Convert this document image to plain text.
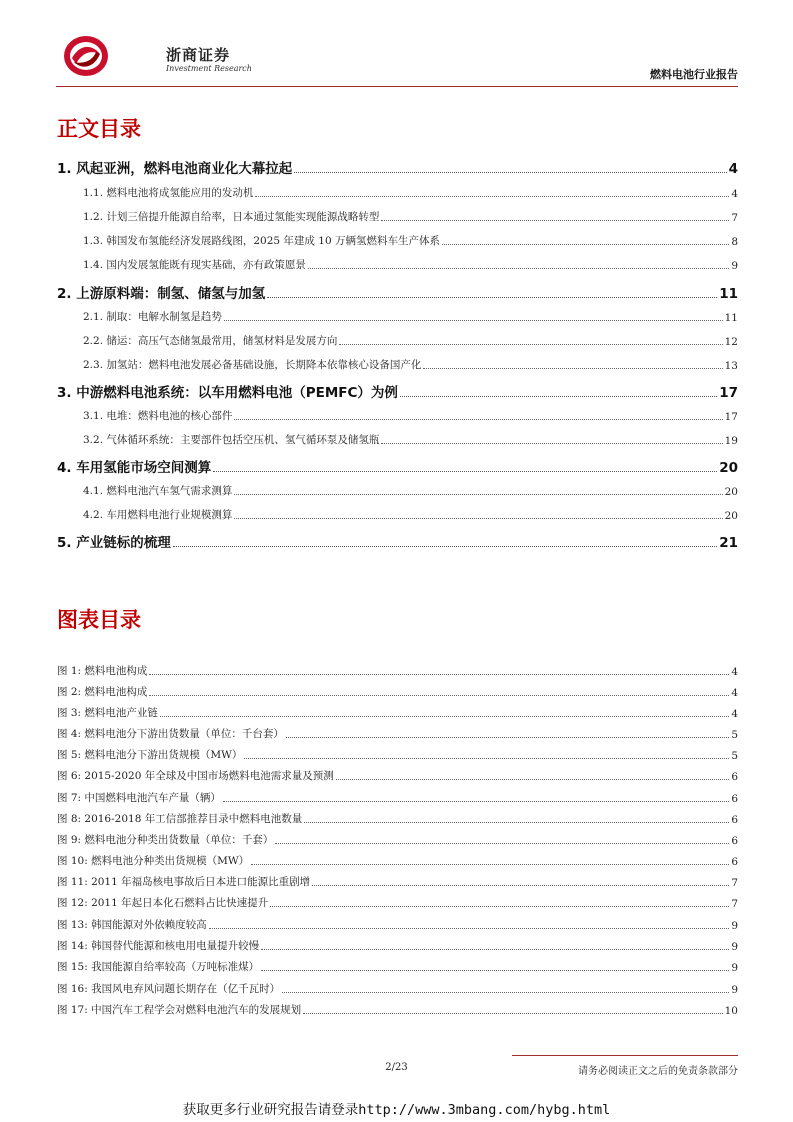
浙商证券
Investment Research	燃料电池行业报告
正文目录
1. 风起亚洲，燃料电池商业化大幕拉起	4
1.1. 燃料电池将成氢能应用的发动机	4
1.2. 计划三倍提升能源自给率，日本通过氢能实现能源战略转型	7
1.3. 韩国发布氢能经济发展路线图，2025 年建成 10 万辆氢燃料车生产体系	8
1.4. 国内发展氢能既有现实基础，亦有政策愿景	9
2. 上游原料端：制氢、储氢与加氢	11
2.1. 制取：电解水制氢是趋势	11
2.2. 储运：高压气态储氢最常用，储氢材料是发展方向	12
2.3. 加氢站：燃料电池发展必备基础设施，长期降本依靠核心设备国产化	13
3. 中游燃料电池系统：以车用燃料电池（PEMFC）为例	17
3.1. 电堆：燃料电池的核心部件	17
3.2. 气体循环系统：主要部件包括空压机、氢气循环泵及储氢瓶	19
4. 车用氢能市场空间测算	20
4.1. 燃料电池汽车氢气需求测算	20
4.2. 车用燃料电池行业规模测算	20
5. 产业链标的梳理	21
图表目录
图 1: 燃料电池构成	4
图 2: 燃料电池构成	4
图 3: 燃料电池产业链	4
图 4: 燃料电池分下游出货数量（单位：千台套）	5
图 5: 燃料电池分下游出货规模（MW）	5
图 6: 2015-2020 年全球及中国市场燃料电池需求量及预测	6
图 7: 中国燃料电池汽车产量（辆）	6
图 8: 2016-2018 年工信部推荐目录中燃料电池数量	6
图 9: 燃料电池分种类出货数量（单位：千套）	6
图 10: 燃料电池分种类出货规模（MW）	6
图 11: 2011 年福岛核电事故后日本进口能源比重剧增	7
图 12: 2011 年起日本化石燃料占比快速提升	7
图 13: 韩国能源对外依赖度较高	9
图 14: 韩国替代能源和核电用电量提升较慢	9
图 15: 我国能源自给率较高（万吨标准煤）	9
图 16: 我国风电弃风问题长期存在（亿千瓦时）	9
图 17: 中国汽车工程学会对燃料电池汽车的发展规划	10
2/23	请务必阅读正文之后的免责条款部分
获取更多行业研究报告请登录http://www.3mbang.com/hybg.html
